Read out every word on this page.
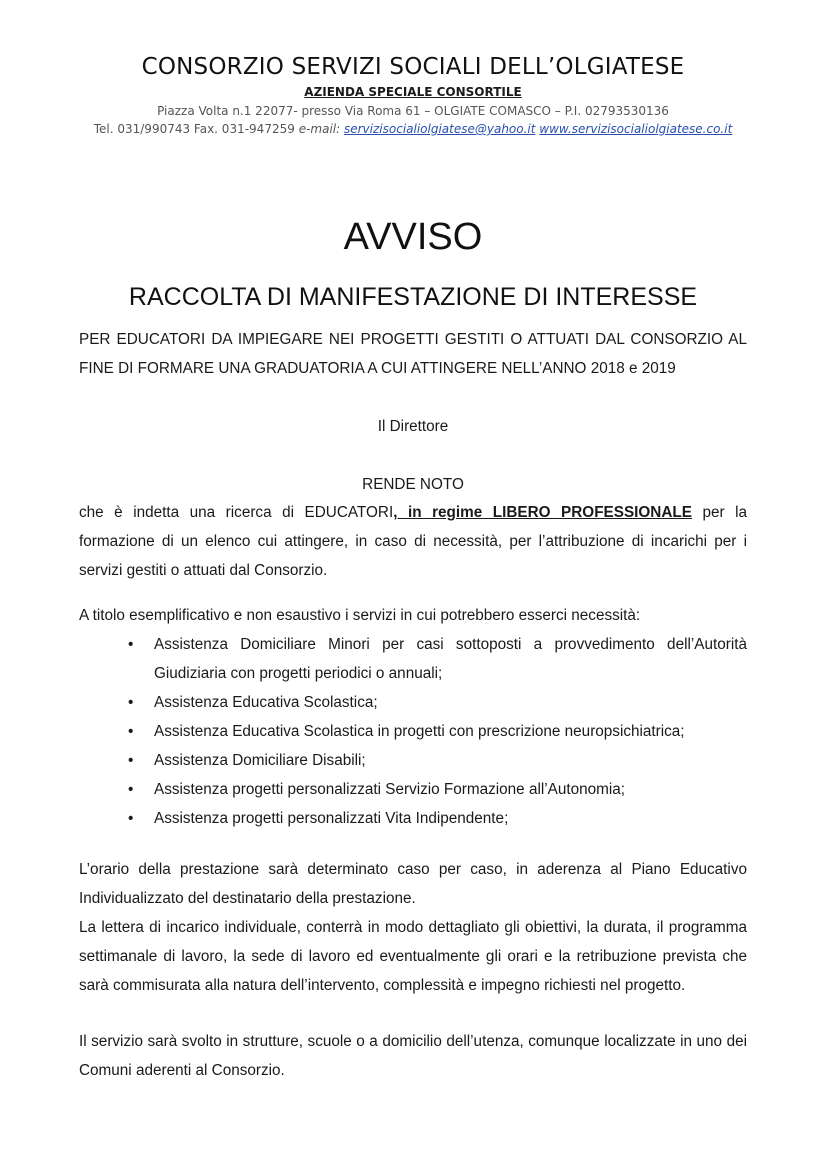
CONSORZIO SERVIZI SOCIALI DELL’OLGIATESE
AZIENDA SPECIALE CONSORTILE
Piazza Volta n.1 22077- presso Via Roma 61 – OLGIATE COMASCO – P.I. 02793530136
Tel. 031/990743 Fax. 031-947259 e-mail: servizisocialiolgiatese@yahoo.it www.servizisocialiolgiatese.co.it
AVVISO
RACCOLTA DI MANIFESTAZIONE DI INTERESSE
PER EDUCATORI DA IMPIEGARE NEI PROGETTI GESTITI O ATTUATI DAL CONSORZIO AL FINE DI FORMARE UNA GRADUATORIA A CUI ATTINGERE NELL’ANNO 2018 e 2019
Il Direttore
RENDE NOTO
che è indetta una ricerca di EDUCATORI, in regime LIBERO PROFESSIONALE per la formazione di un elenco cui attingere, in caso di necessità, per l’attribuzione di incarichi per i servizi gestiti o attuati dal Consorzio.
A titolo esemplificativo e non esaustivo i servizi in cui potrebbero esserci necessità:
• Assistenza Domiciliare Minori per casi sottoposti a provvedimento dell’Autorità Giudiziaria con progetti periodici o annuali;
• Assistenza Educativa Scolastica;
• Assistenza Educativa Scolastica in progetti con prescrizione neuropsichiatrica;
• Assistenza Domiciliare Disabili;
• Assistenza progetti personalizzati Servizio Formazione all’Autonomia;
• Assistenza progetti personalizzati Vita Indipendente;
L’orario della prestazione sarà determinato caso per caso, in aderenza al Piano Educativo Individualizzato del destinatario della prestazione.
La lettera di incarico individuale, conterrà in modo dettagliato gli obiettivi, la durata, il programma settimanale di lavoro, la sede di lavoro ed eventualmente gli orari e la retribuzione prevista che sarà commisurata alla natura dell’intervento, complessità e impegno richiesti nel progetto.
Il servizio sarà svolto in strutture, scuole o a domicilio dell’utenza, comunque localizzate in uno dei Comuni aderenti al Consorzio.
